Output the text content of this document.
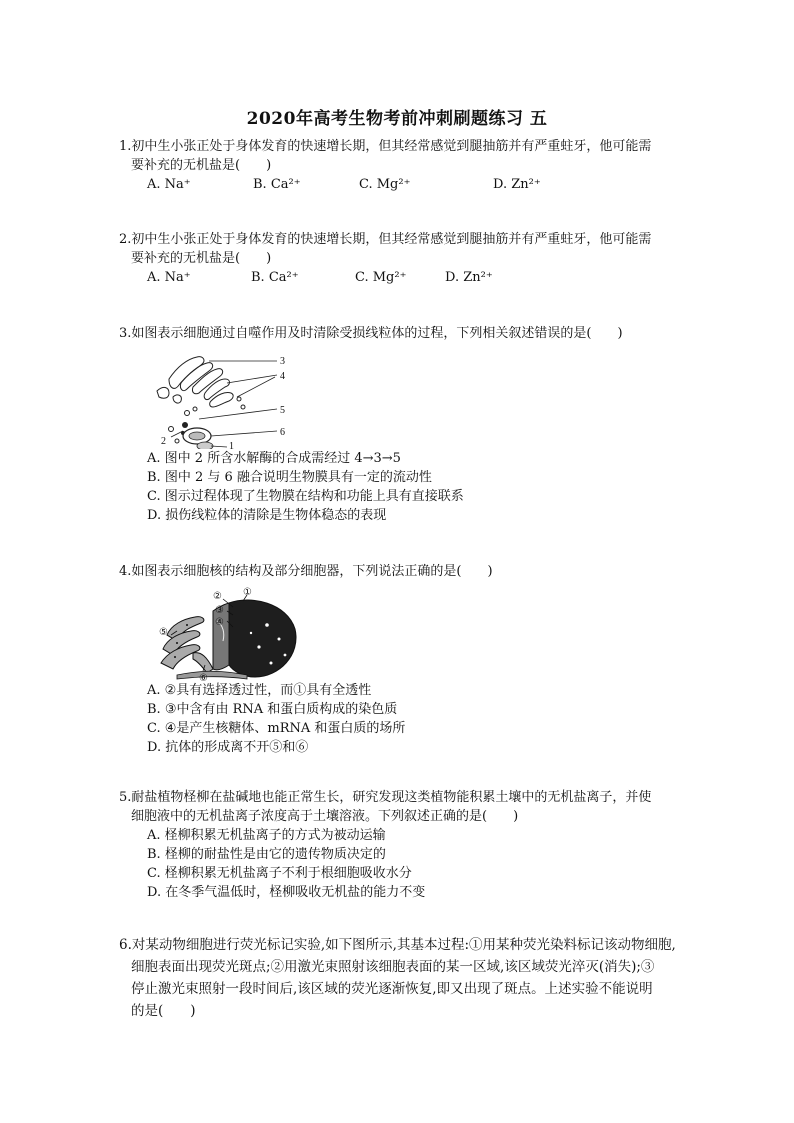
2020年高考生物考前冲刺刷题练习 五

1.初中生小张正处于身体发育的快速增长期，但其经常感觉到腿抽筋并有严重蛀牙，他可能需

要补充的无机盐是(　　)

A. Na⁺	B. Ca²⁺	C. Mg²⁺	D. Zn²⁺

2.初中生小张正处于身体发育的快速增长期，但其经常感觉到腿抽筋并有严重蛀牙，他可能需

要补充的无机盐是(　　)

A. Na⁺	B. Ca²⁺	C. Mg²⁺	D. Zn²⁺

3.如图表示细胞通过自噬作用及时清除受损线粒体的过程，下列相关叙述错误的是(　　)

3
4
5
6
2	1
A. 图中 2 所含水解酶的合成需经过 4→3→5
B. 图中 2 与 6 融合说明生物膜具有一定的流动性
C. 图示过程体现了生物膜在结构和功能上具有直接联系
D. 损伤线粒体的清除是生物体稳态的表现

4.如图表示细胞核的结构及部分细胞器，下列说法正确的是(　　)

② ①
③
④
⑤
⑥
A. ②具有选择透过性，而①具有全透性
B. ③中含有由 RNA 和蛋白质构成的染色质
C. ④是产生核糖体、mRNA 和蛋白质的场所
D. 抗体的形成离不开⑤和⑥

5.耐盐植物柽柳在盐碱地也能正常生长，研究发现这类植物能积累土壤中的无机盐离子，并使

细胞液中的无机盐离子浓度高于土壤溶液。下列叙述正确的是(　　)

A. 柽柳积累无机盐离子的方式为被动运输
B. 柽柳的耐盐性是由它的遗传物质决定的
C. 柽柳积累无机盐离子不利于根细胞吸收水分
D. 在冬季气温低时，柽柳吸收无机盐的能力不变

6.对某动物细胞进行荧光标记实验,如下图所示,其基本过程:①用某种荧光染料标记该动物细胞,

细胞表面出现荧光斑点;②用激光束照射该细胞表面的某一区域,该区域荧光淬灭(消失);③

停止激光束照射一段时间后,该区域的荧光逐渐恢复,即又出现了斑点。上述实验不能说明

的是(　　)
